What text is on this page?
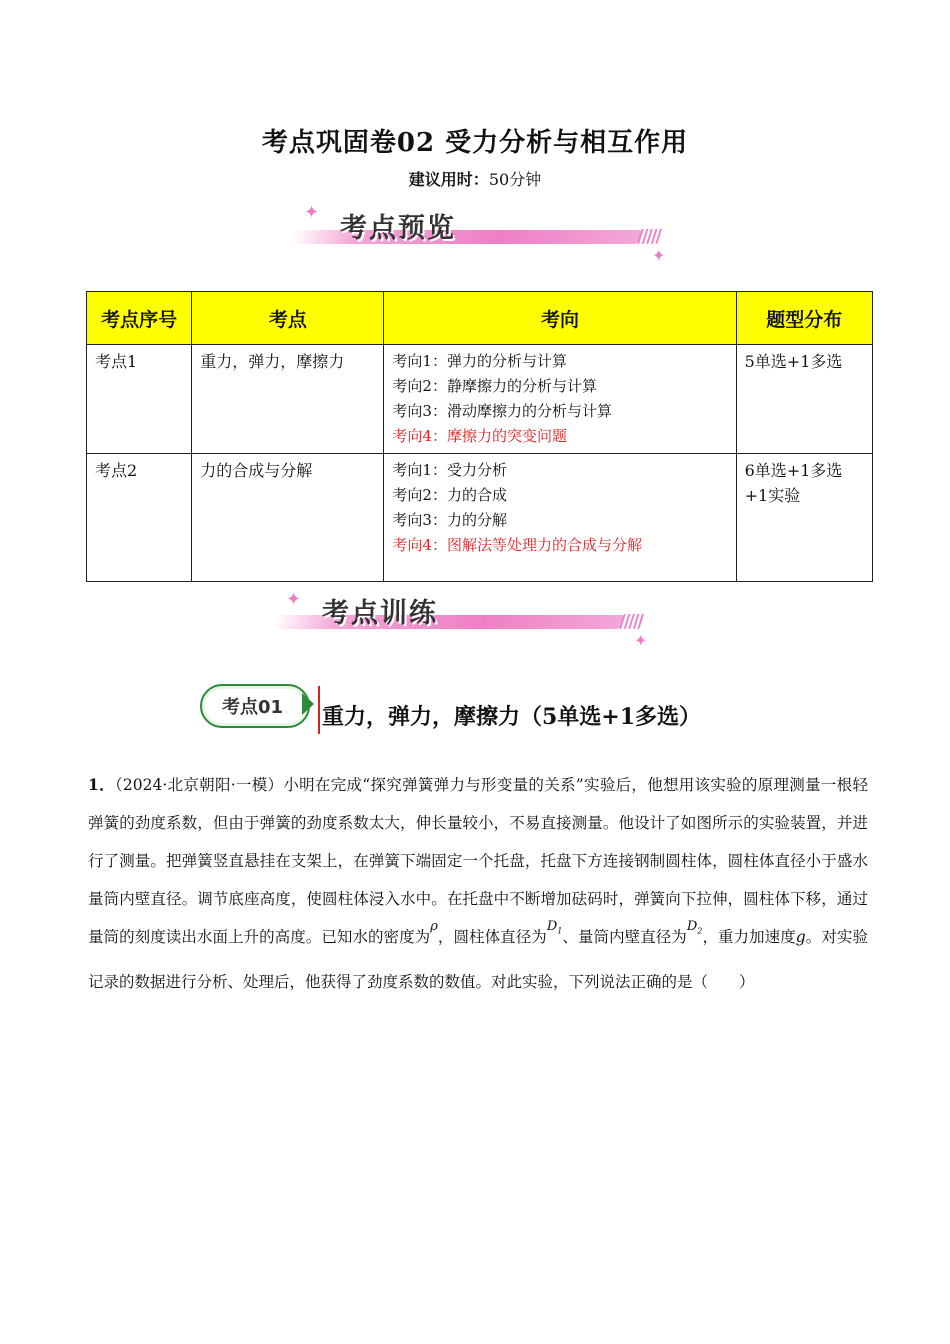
考点巩固卷02 受力分析与相互作用
建议用时：50分钟
✦
✦
/////
考点预览
考点序号	考点	考向	题型分布
考点1	重力，弹力，摩擦力	考向1：弹力的分析与计算
考向2：静摩擦力的分析与计算
考向3：滑动摩擦力的分析与计算
考向4：摩擦力的突变问题	5单选+1多选
考点2	力的合成与分解	考向1：受力分析
考向2：力的合成
考向3：力的分解
考向4：图解法等处理力的合成与分解	6单选+1多选+1实验
✦
✦
/////
考点训练
考点01 重力，弹力，摩擦力（5单选+1多选）
1．（2024·北京朝阳·一模）小明在完成“探究弹簧弹力与形变量的关系”实验后，他想用该实验的原理测量一根轻弹簧的劲度系数，但由于弹簧的劲度系数太大，伸长量较小，不易直接测量。他设计了如图所示的实验装置，并进行了测量。把弹簧竖直悬挂在支架上，在弹簧下端固定一个托盘，托盘下方连接钢制圆柱体，圆柱体直径小于盛水量筒内壁直径。调节底座高度，使圆柱体浸入水中。在托盘中不断增加砝码时，弹簧向下拉伸，圆柱体下移，通过量筒的刻度读出水面上升的高度。已知水的密度为$^\rho$，圆柱体直径为$^{D_1}$、量筒内壁直径为$^{D_2}$，重力加速度g。对实验记录的数据进行分析、处理后，他获得了劲度系数的数值。对此实验，下列说法正确的是（　　）
